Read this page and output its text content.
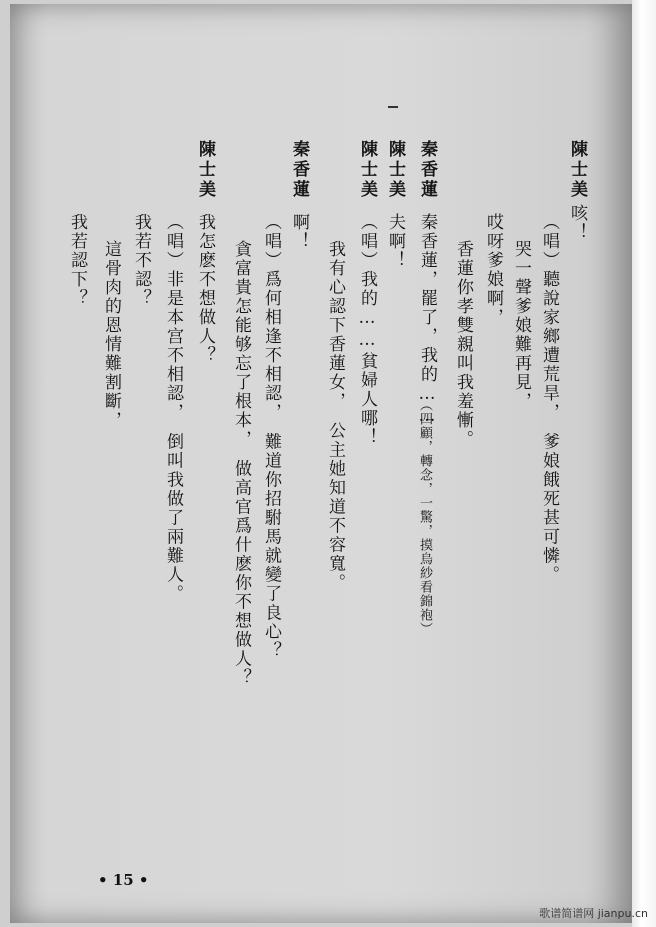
陳士美
咳！
（唱）聽說家鄉遭荒旱，　爹娘餓死甚可憐。
哭一聲爹娘難再見，
哎呀爹娘啊，
香蓮你孝雙親叫我羞慚。
秦香蓮
秦香蓮，罷了，我的……
（四顧，轉念，一驚，摸烏紗看錦袍）
陳士美
夫啊！
陳士美
（唱）我的……貧婦人哪！
我有心認下香蓮女，　公主她知道不容寬。
秦香蓮
啊！
（唱）爲何相逢不相認，　難道你招駙馬就變了良心？
貪富貴怎能够忘了根本，　做高官爲什麽你不想做人？
陳士美
我怎麽不想做人？
（唱）非是本宫不相認，　倒叫我做了兩難人。
我若不認？
這骨肉的恩情難割斷，
我若認下？
• 15 •
歌谱简谱网 jianpu.cn
